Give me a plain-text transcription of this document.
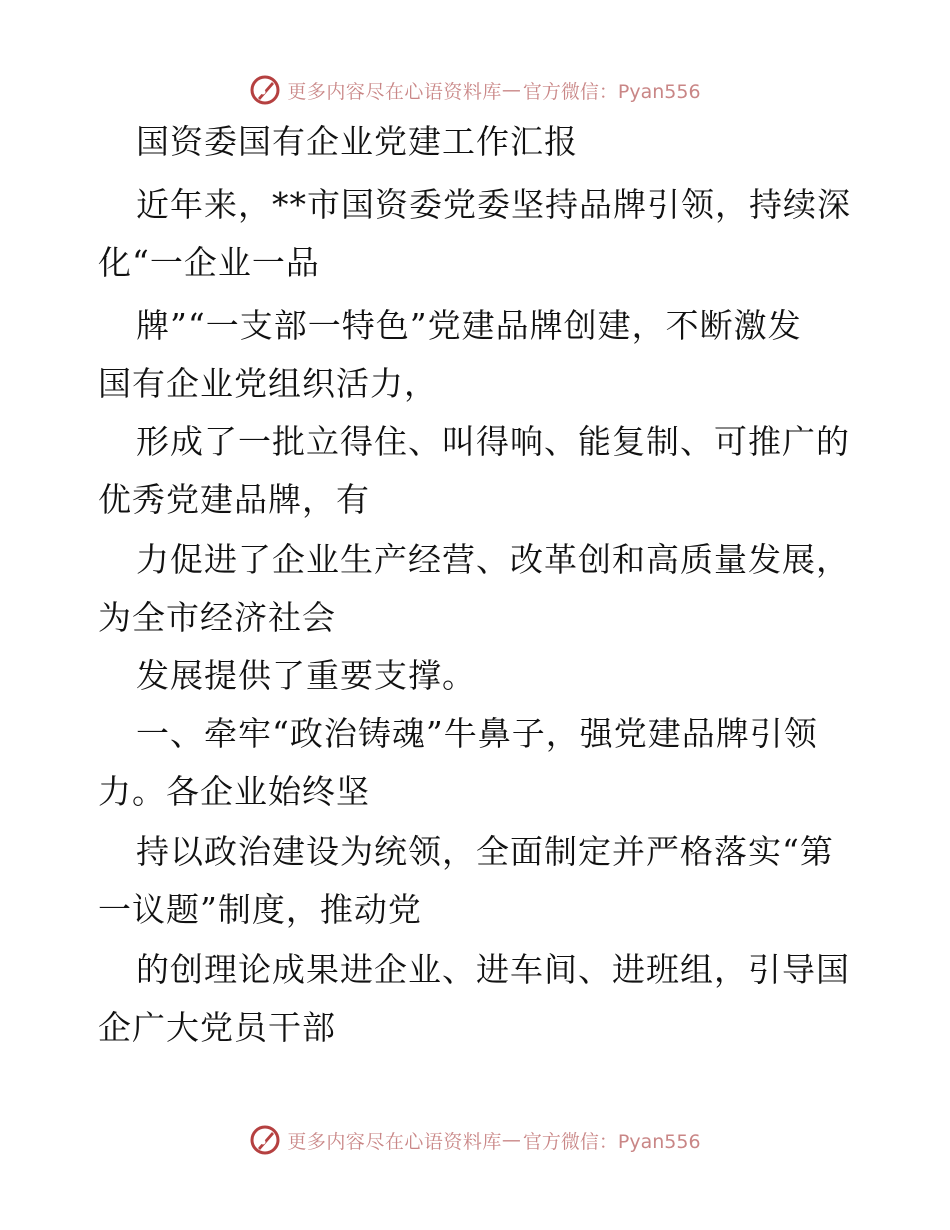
更多内容尽在心语资料库 — 官方微信：Pyan556
国资委国有企业党建工作汇报
近年来，**市国资委党委坚持品牌引领，持续深
化“一企业一品
牌”“一支部一特色”党建品牌创建，不断激发
国有企业党组织活力，
形成了一批立得住、叫得响、能复制、可推广的
优秀党建品牌，有
力促进了企业生产经营、改革创和高质量发展，
为全市经济社会
发展提供了重要支撑。
一、牵牢“政治铸魂”牛鼻子，强党建品牌引领
力。各企业始终坚
持以政治建设为统领，全面制定并严格落实“第
一议题”制度，推动党
的创理论成果进企业、进车间、进班组，引导国
企广大党员干部
更多内容尽在心语资料库 — 官方微信：Pyan556
